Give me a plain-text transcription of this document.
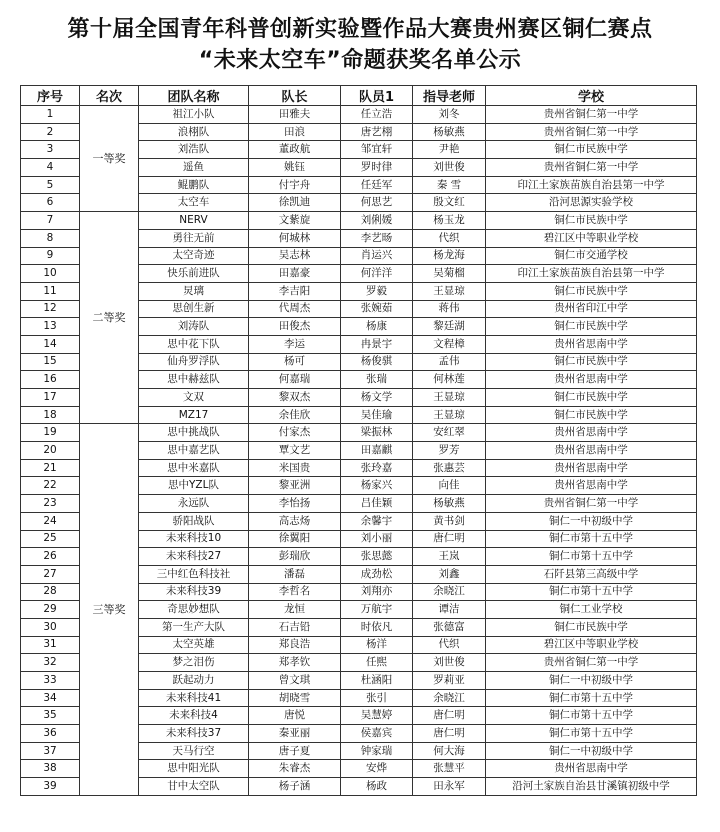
第十届全国青年科普创新实验暨作品大赛贵州赛区铜仁赛点
“未来太空车”命题获奖名单公示
序号	名次	团队名称	队长	队员1	指导老师	学校
1	一等奖	祖江小队	田雅夫	任立浩	刘冬	贵州省铜仁第一中学
2		浪栩队	田浪	唐艺栩	杨敏燕	贵州省铜仁第一中学
3		刘浩队	董政航	邹宜轩	尹艳	铜仁市民族中学
4		遥鱼	姚钰	罗时律	刘世俊	贵州省铜仁第一中学
5		鲲鹏队	付宇舟	任廷军	秦 雪	印江土家族苗族自治县第一中学
6		太空车	徐凯迪	何思艺	殷文红	沿河思源实验学校
7	二等奖	NERV	文紫旋	刘俐媛	杨玉龙	铜仁市民族中学
8		勇往无前	何城林	李艺旸	代织	碧江区中等职业学校
9		太空奇迹	吴志林	肖运兴	杨龙海	铜仁市交通学校
10		快乐前进队	田嘉豪	何洋洋	吴菊榴	印江土家族苗族自治县第一中学
11		炅璃	李吉阳	罗毅	王显琼	铜仁市民族中学
12		思创生新	代周杰	张婉茹	蒋伟	贵州省印江中学
13		刘涛队	田俊杰	杨康	黎廷湖	铜仁市民族中学
14		思中花下队	李运	冉景宇	文程樟	贵州省思南中学
15		仙舟罗浮队	杨可	杨俊骐	孟伟	铜仁市民族中学
16		思中赫兹队	何嘉瑞	张瑞	何林莲	贵州省思南中学
17		文双	黎双杰	杨文学	王显琼	铜仁市民族中学
18		MZ17	余佳欣	吴佳瑜	王显琼	铜仁市民族中学
19	三等奖	思中挑战队	付家杰	梁振林	安红翠	贵州省思南中学
20		思中嘉艺队	覃文艺	田嘉麒	罗芳	贵州省思南中学
21		思中米嘉队	米国贵	张玲嘉	张惠芸	贵州省思南中学
22		思中YZL队	黎亚洲	杨家兴	向佳	贵州省思南中学
23		永远队	李怡扬	吕佳颖	杨敏燕	贵州省铜仁第一中学
24		骄阳战队	高志炀	余馨宇	黄书剑	铜仁一中初级中学
25		未来科技10	徐翼阳	刘小丽	唐仁明	铜仁市第十五中学
26		未来科技27	彭瑞欣	张思懿	王岚	铜仁市第十五中学
27		三中红色科技社	潘磊	成劲松	刘鑫	石阡县第三高级中学
28		未来科技39	李哲名	刘翔亦	余晓江	铜仁市第十五中学
29		奇思妙想队	龙恒	万航宇	谭洁	铜仁工业学校
30		第一生产大队	石吉铅	时依凡	张德富	铜仁市民族中学
31		太空英雄	郑良浩	杨洋	代织	碧江区中等职业学校
32		梦之泪伤	郑孝钦	任熙	刘世俊	贵州省铜仁第一中学
33		跃起动力	曾文琪	杜涵阳	罗莉亚	铜仁一中初级中学
34		未来科技41	胡晓雪	张引	余晓江	铜仁市第十五中学
35		未来科技4	唐悦	吴慧婷	唐仁明	铜仁市第十五中学
36		未来科技37	秦亚丽	侯嘉宾	唐仁明	铜仁市第十五中学
37		天马行空	唐子夏	钟家瑞	何大海	铜仁一中初级中学
38		思中阳光队	朱睿杰	安烨	张慧平	贵州省思南中学
39		甘中太空队	杨子涵	杨政	田永军	沿河土家族自治县甘溪镇初级中学
